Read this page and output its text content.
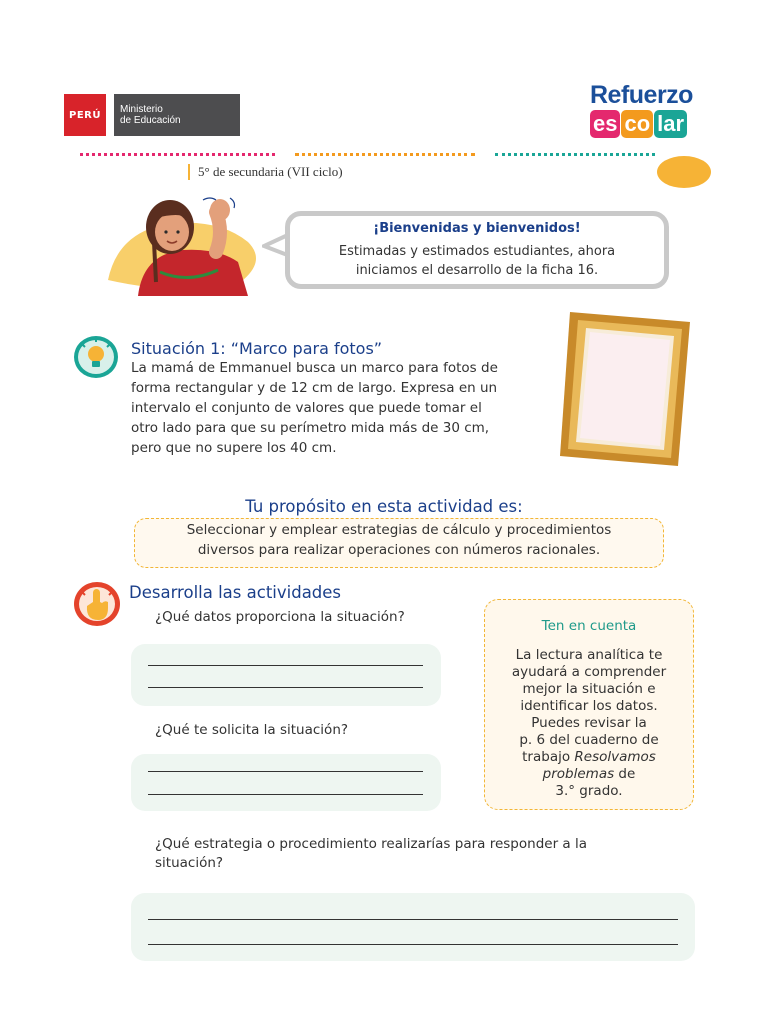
PERÚ	Ministerio
de Educación
Refuerzo
es co lar
5° de secundaria (VII ciclo)
¡Bienvenidas y bienvenidos!
Estimadas y estimados estudiantes, ahora
iniciamos el desarrollo de la ficha 16.
Situación 1: “Marco para fotos”
La mamá de Emmanuel busca un marco para fotos de
forma rectangular y de 12 cm de largo. Expresa en un
intervalo el conjunto de valores que puede tomar el
otro lado para que su perímetro mida más de 30 cm,
pero que no supere los 40 cm.
Tu propósito en esta actividad es:
Seleccionar y emplear estrategias de cálculo y procedimientos
diversos para realizar operaciones con números racionales.
Desarrolla las actividades
¿Qué datos proporciona la situación?
¿Qué te solicita la situación?
Ten en cuenta
La lectura analítica te
ayudará a comprender
mejor la situación e
identificar los datos.
Puedes revisar la
p. 6 del cuaderno de
trabajo Resolvamos
problemas de
3.° grado.
¿Qué estrategia o procedimiento realizarías para responder a la
situación?
